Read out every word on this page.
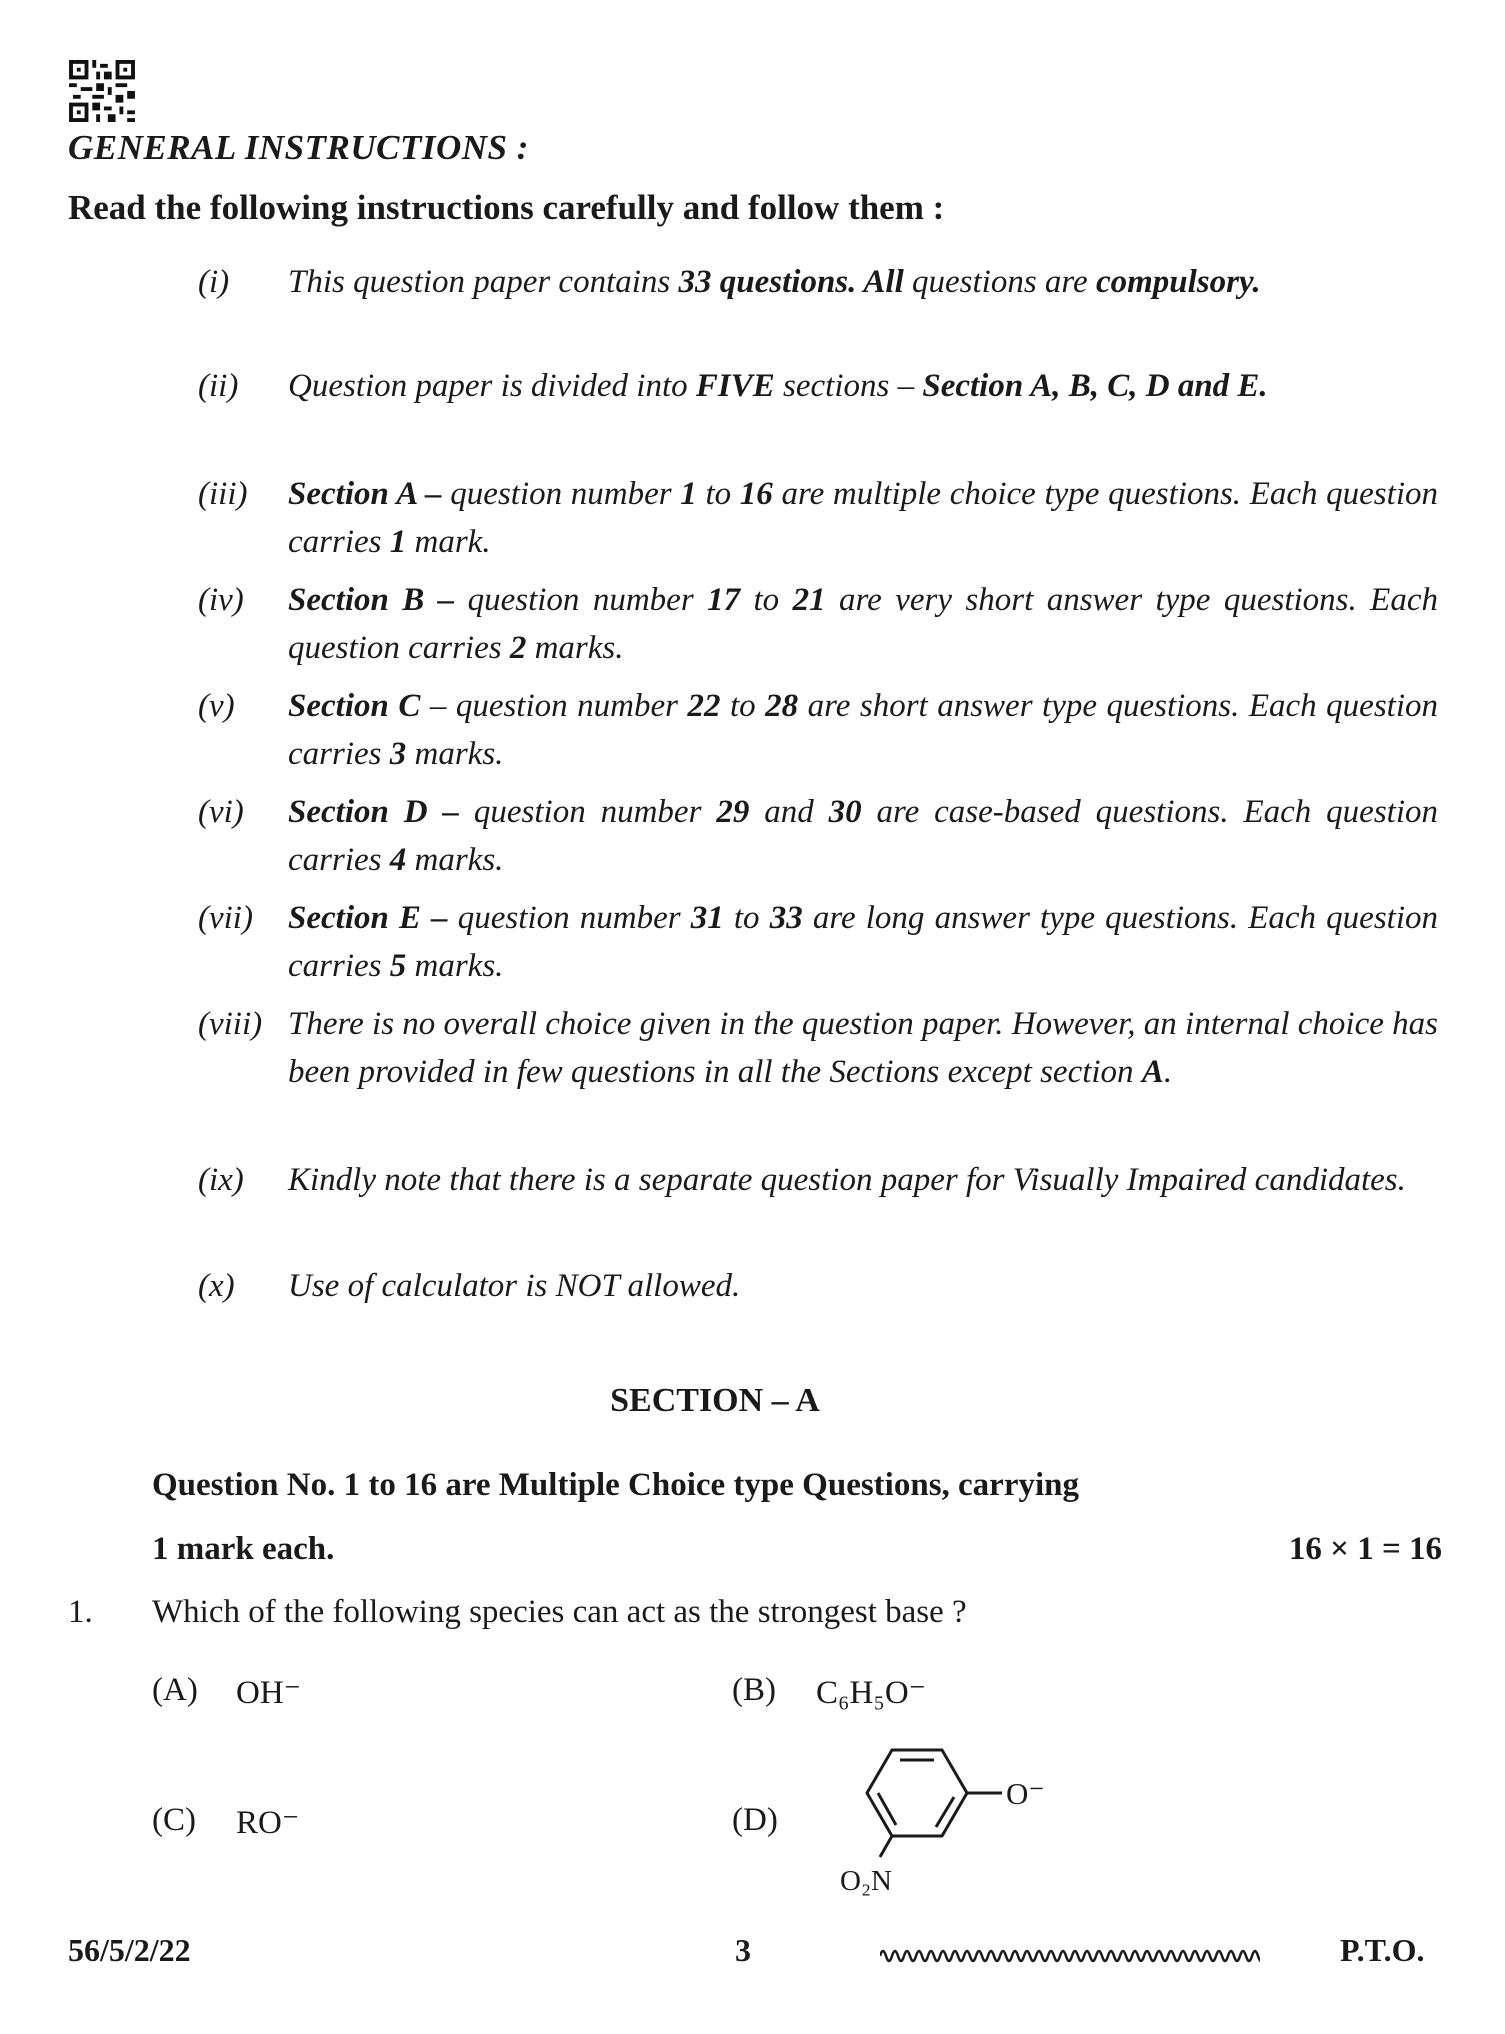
GENERAL INSTRUCTIONS :
Read the following instructions carefully and follow them :
(i)	This question paper contains 33 questions. All questions are compulsory.
(ii)	Question paper is divided into FIVE sections – Section A, B, C, D and E.
(iii)	Section A – question number 1 to 16 are multiple choice type questions. Each question carries 1 mark.
(iv)	Section B – question number 17 to 21 are very short answer type questions. Each question carries 2 marks.
(v)	Section C – question number 22 to 28 are short answer type questions. Each question carries 3 marks.
(vi)	Section D – question number 29 and 30 are case-based questions. Each question carries 4 marks.
(vii)	Section E – question number 31 to 33 are long answer type questions. Each question carries 5 marks.
(viii) There is no overall choice given in the question paper. However, an internal choice has been provided in few questions in all the Sections except section A.
(ix)	Kindly note that there is a separate question paper for Visually Impaired candidates.
(x)	Use of calculator is NOT allowed.
SECTION – A
Question No. 1 to 16 are Multiple Choice type Questions, carrying
1 mark each.	16 × 1 = 16
1. Which of the following species can act as the strongest base ?
(A) OH⁻	(B) C₆H₅O⁻
(C) RO⁻	(D)
O⁻
O₂N
56/5/2/22	3	P.T.O.
